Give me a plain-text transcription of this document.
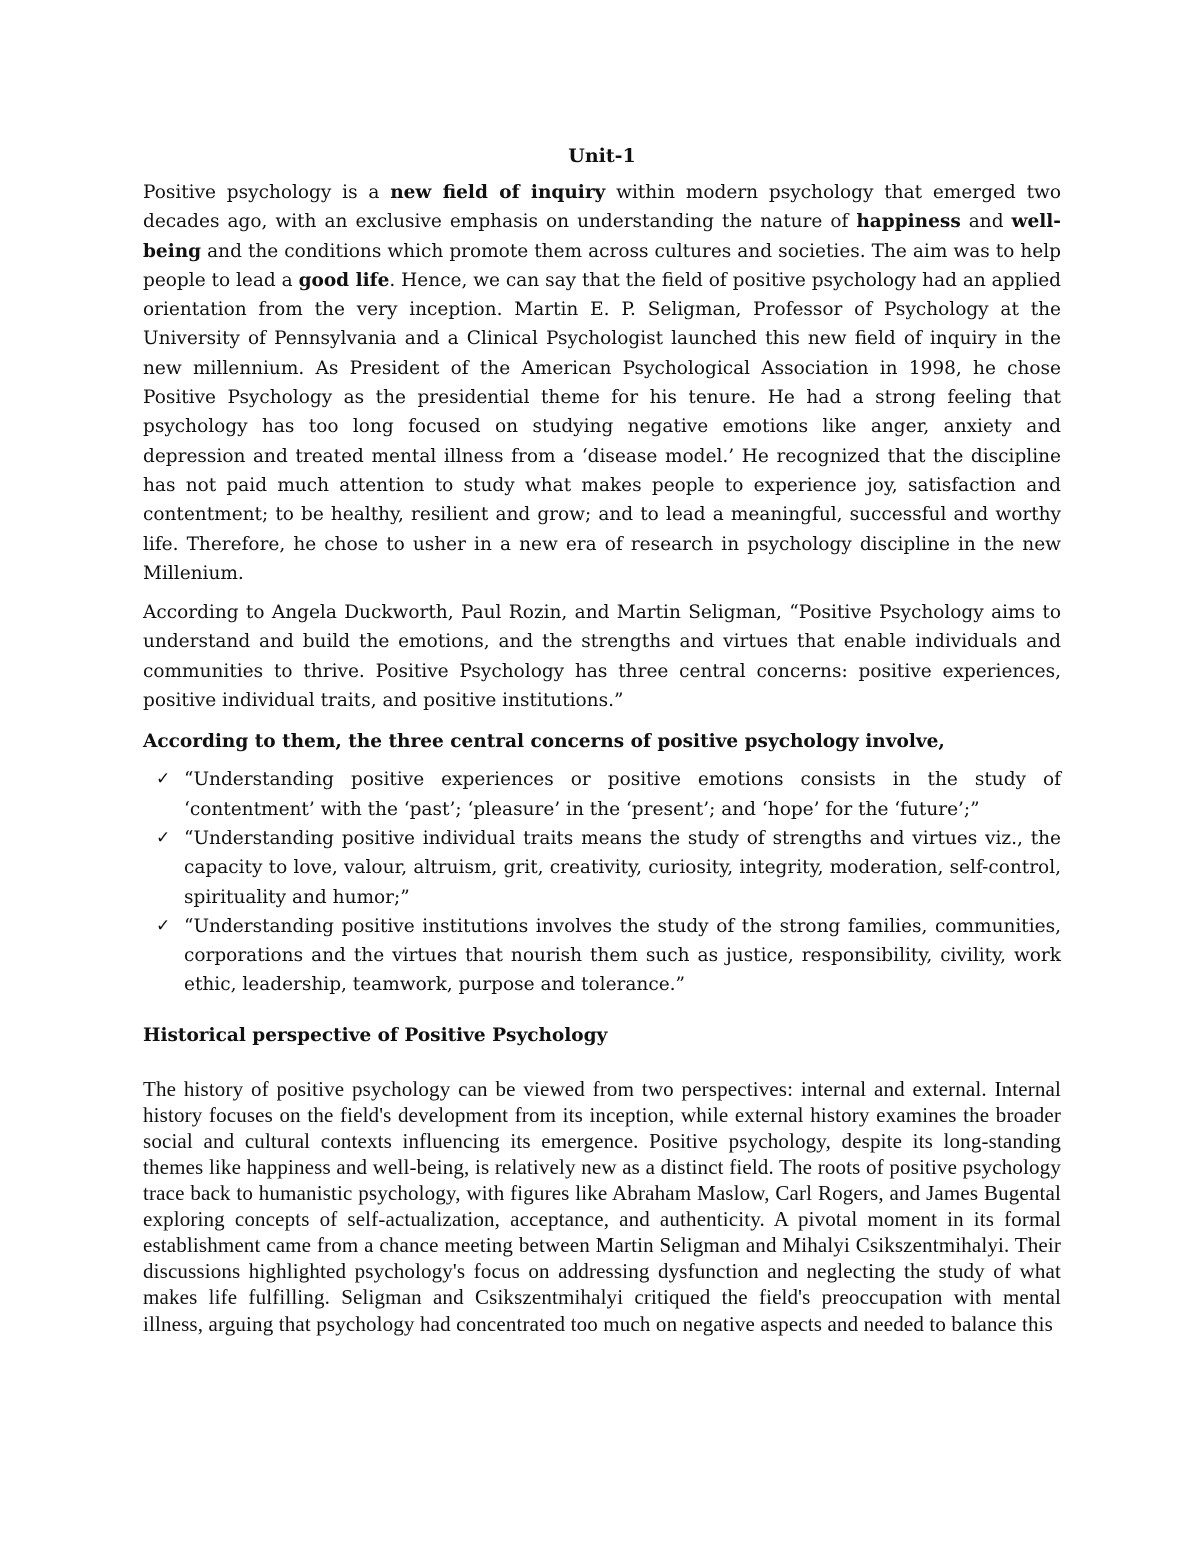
Unit-1

Positive psychology is a new field of inquiry within modern psychology that emerged two decades ago, with an exclusive emphasis on understanding the nature of happiness and well-being and the conditions which promote them across cultures and societies. The aim was to help people to lead a good life. Hence, we can say that the field of positive psychology had an applied orientation from the very inception. Martin E. P. Seligman, Professor of Psychology at the University of Pennsylvania and a Clinical Psychologist launched this new field of inquiry in the new millennium. As President of the American Psychological Association in 1998, he chose Positive Psychology as the presidential theme for his tenure. He had a strong feeling that psychology has too long focused on studying negative emotions like anger, anxiety and depression and treated mental illness from a ‘disease model.’ He recognized that the discipline has not paid much attention to study what makes people to experience joy, satisfaction and contentment; to be healthy, resilient and grow; and to lead a meaningful, successful and worthy life. Therefore, he chose to usher in a new era of research in psychology discipline in the new Millenium.

According to Angela Duckworth, Paul Rozin, and Martin Seligman, “Positive Psychology aims to understand and build the emotions, and the strengths and virtues that enable individuals and communities to thrive. Positive Psychology has three central concerns: positive experiences, positive individual traits, and positive institutions.”

According to them, the three central concerns of positive psychology involve,
✓ “Understanding positive experiences or positive emotions consists in the study of ‘contentment’ with the ‘past’; ‘pleasure’ in the ‘present’; and ‘hope’ for the ‘future’;”
✓ “Understanding positive individual traits means the study of strengths and virtues viz., the capacity to love, valour, altruism, grit, creativity, curiosity, integrity, moderation, self-control, spirituality and humor;”
✓ “Understanding positive institutions involves the study of the strong families, communities, corporations and the virtues that nourish them such as justice, responsibility, civility, work ethic, leadership, teamwork, purpose and tolerance.”
Historical perspective of Positive Psychology

The history of positive psychology can be viewed from two perspectives: internal and external. Internal history focuses on the field's development from its inception, while external history examines the broader social and cultural contexts influencing its emergence. Positive psychology, despite its long-standing themes like happiness and well-being, is relatively new as a distinct field. The roots of positive psychology trace back to humanistic psychology, with figures like Abraham Maslow, Carl Rogers, and James Bugental exploring concepts of self-actualization, acceptance, and authenticity. A pivotal moment in its formal establishment came from a chance meeting between Martin Seligman and Mihalyi Csikszentmihalyi. Their discussions highlighted psychology's focus on addressing dysfunction and neglecting the study of what makes life fulfilling. Seligman and Csikszentmihalyi critiqued the field's preoccupation with mental illness, arguing that psychology had concentrated too much on negative aspects and needed to balance this
